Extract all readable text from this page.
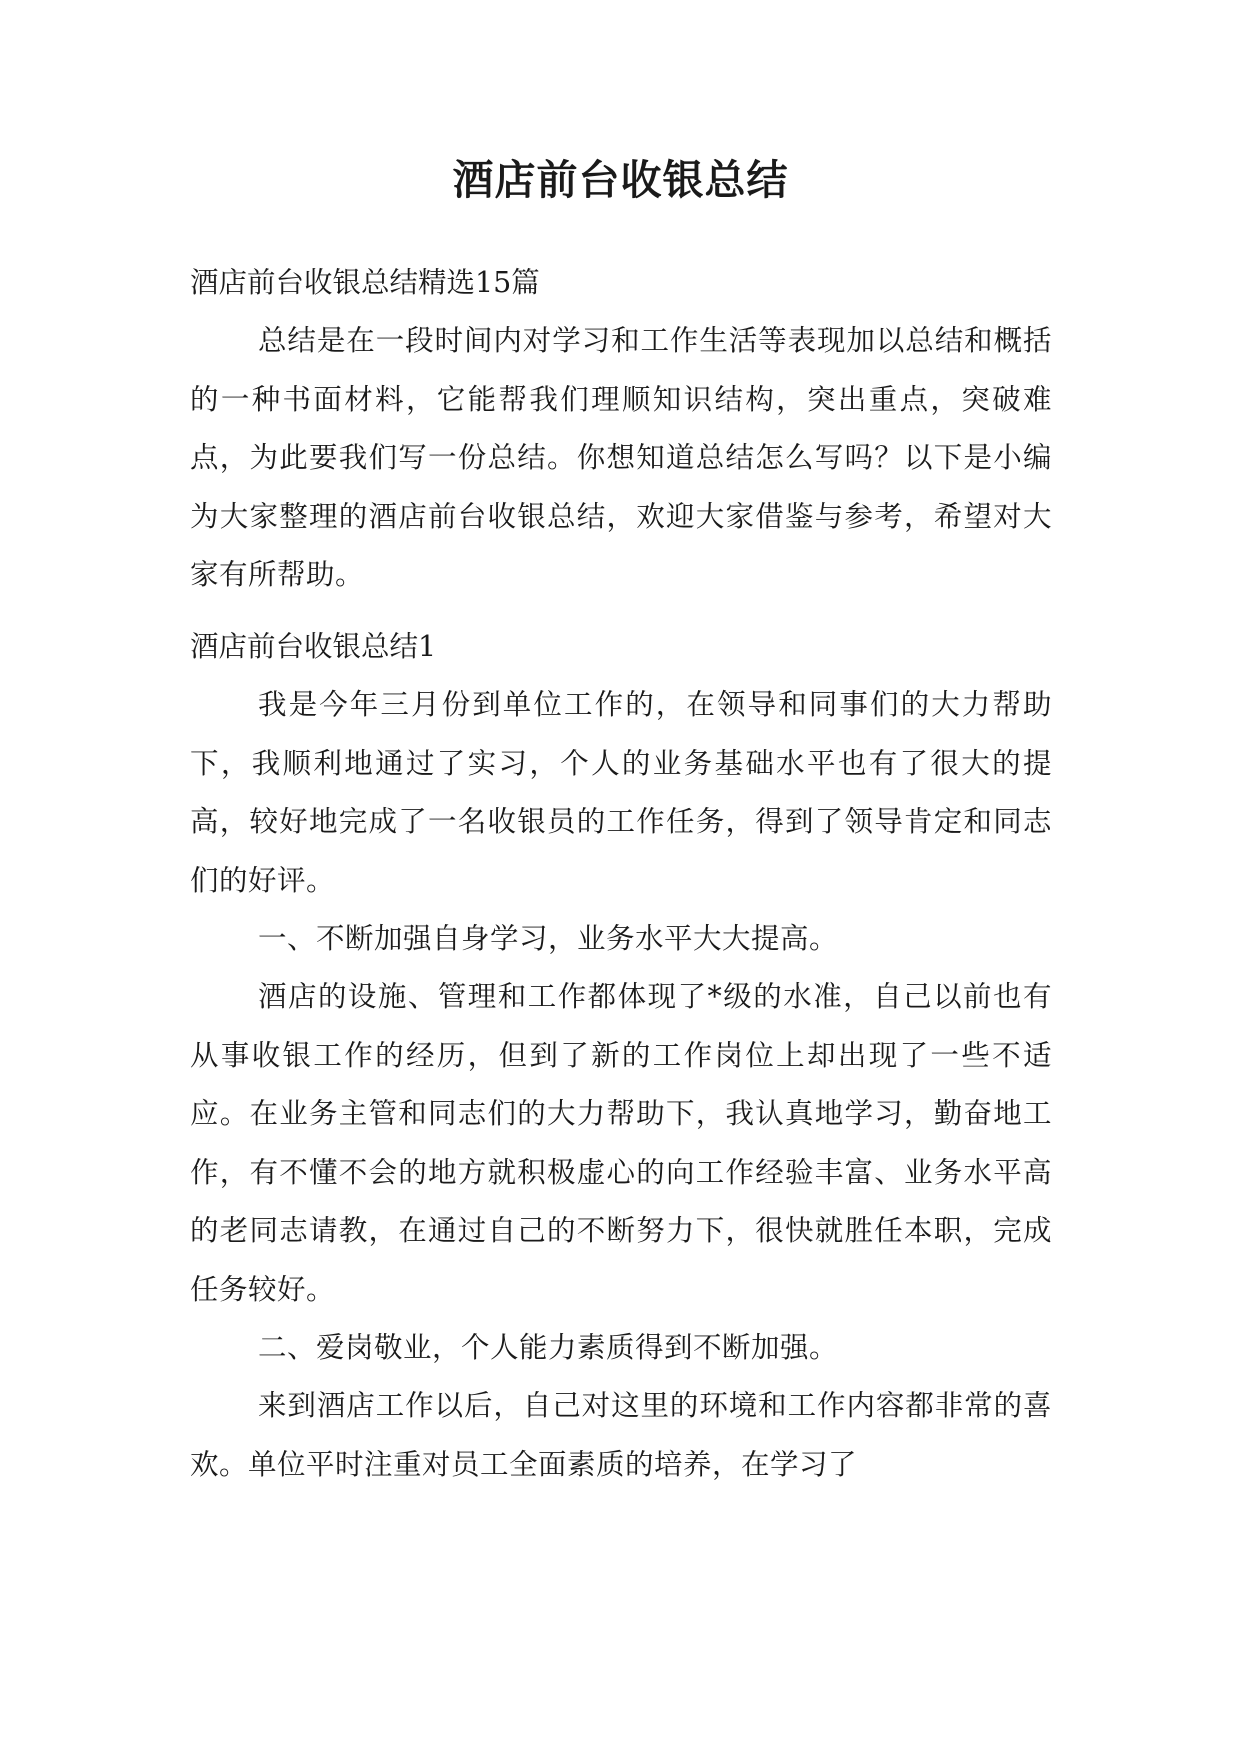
酒店前台收银总结

酒店前台收银总结精选15篇

总结是在一段时间内对学习和工作生活等表现加以总结和概括的一种书面材料，它能帮我们理顺知识结构，突出重点，突破难点，为此要我们写一份总结。你想知道总结怎么写吗？以下是小编为大家整理的酒店前台收银总结，欢迎大家借鉴与参考，希望对大家有所帮助。

酒店前台收银总结1

我是今年三月份到单位工作的，在领导和同事们的大力帮助下，我顺利地通过了实习，个人的业务基础水平也有了很大的提高，较好地完成了一名收银员的工作任务，得到了领导肯定和同志们的好评。

一、不断加强自身学习，业务水平大大提高。

酒店的设施、管理和工作都体现了*级的水准，自己以前也有从事收银工作的经历，但到了新的工作岗位上却出现了一些不适应。在业务主管和同志们的大力帮助下，我认真地学习，勤奋地工作，有不懂不会的地方就积极虚心的向工作经验丰富、业务水平高的老同志请教，在通过自己的不断努力下，很快就胜任本职，完成任务较好。

二、爱岗敬业，个人能力素质得到不断加强。

来到酒店工作以后，自己对这里的环境和工作内容都非常的喜欢。单位平时注重对员工全面素质的培养，在学习了
